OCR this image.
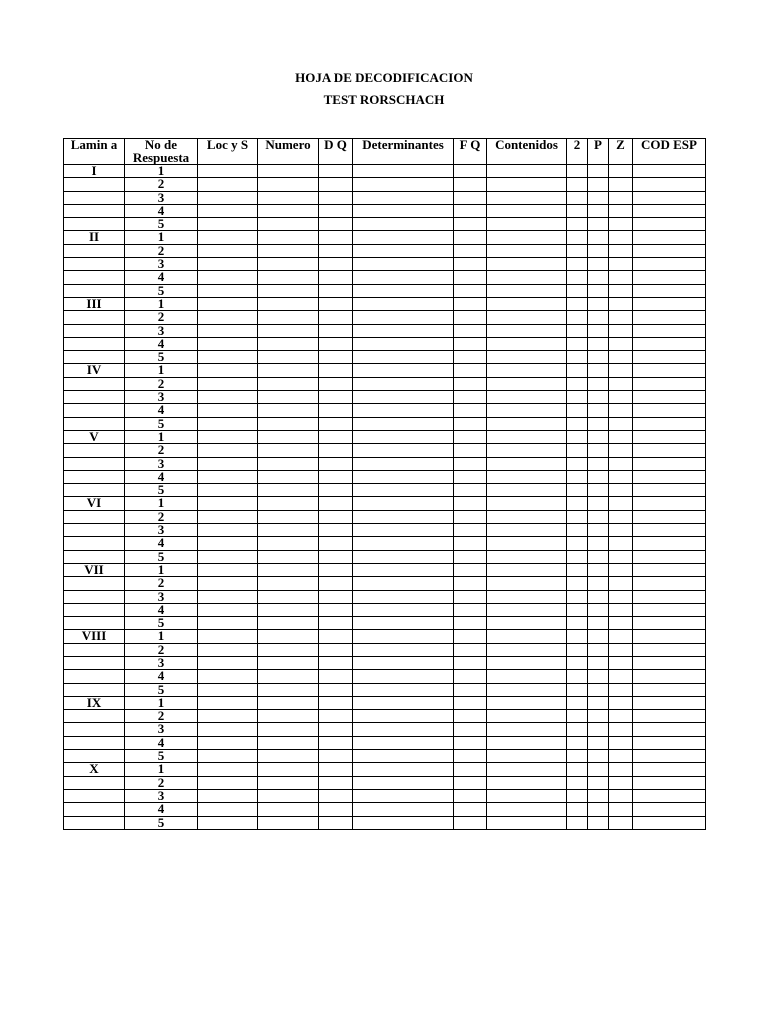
HOJA DE DECODIFICACION
TEST RORSCHACH
Lamin a	No de Respuesta	Loc y S	Numero	D Q	Determinantes	F Q	Contenidos	2	P	Z	COD ESP
I	1										
	2										
	3										
	4										
	5										
II	1										
	2										
	3										
	4										
	5										
III	1										
	2										
	3										
	4										
	5										
IV	1										
	2										
	3										
	4										
	5										
V	1										
	2										
	3										
	4										
	5										
VI	1										
	2										
	3										
	4										
	5										
VII	1										
	2										
	3										
	4										
	5										
VIII	1										
	2										
	3										
	4										
	5										
IX	1										
	2										
	3										
	4										
	5										
X	1										
	2										
	3										
	4										
	5										
